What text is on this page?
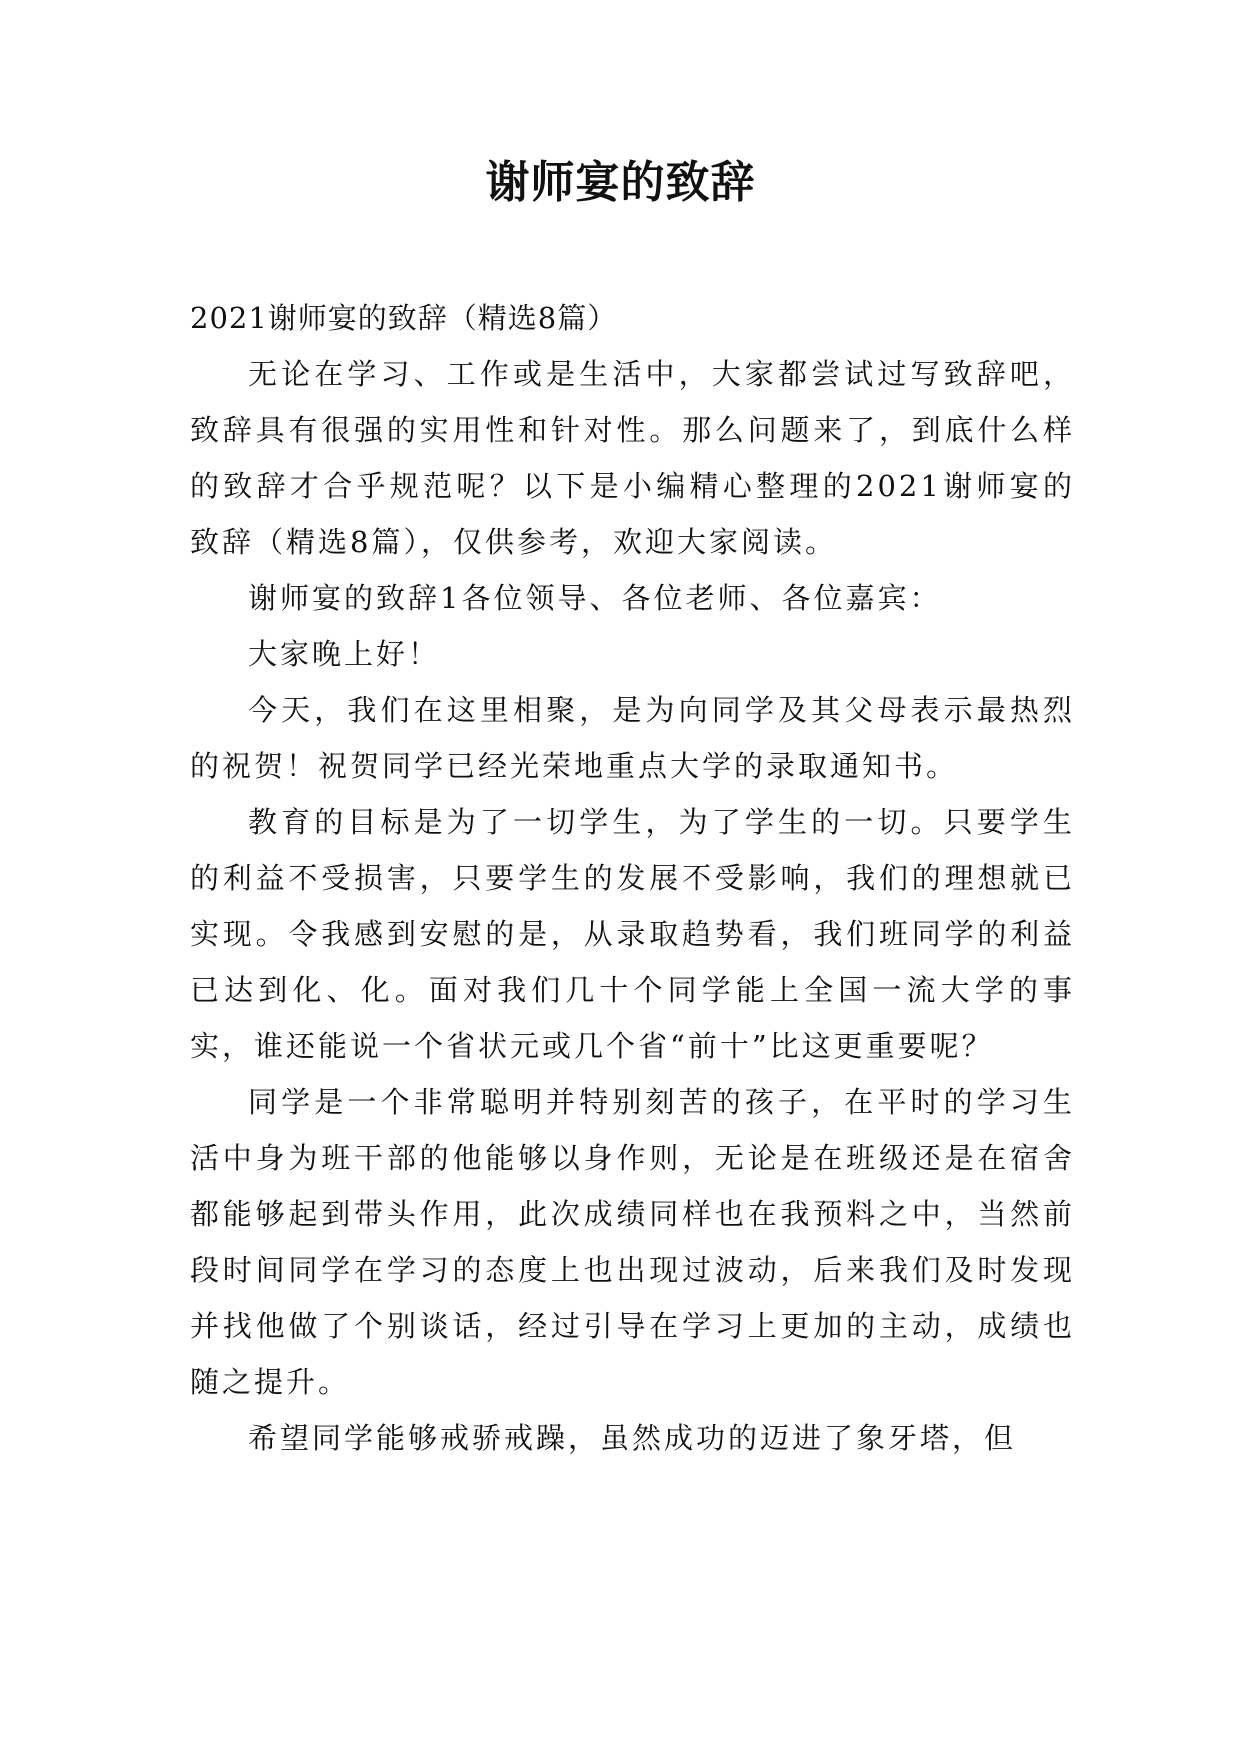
谢师宴的致辞

2021谢师宴的致辞（精选8篇）

无论在学习、工作或是生活中，大家都尝试过写致辞吧，致辞具有很强的实用性和针对性。那么问题来了，到底什么样的致辞才合乎规范呢？以下是小编精心整理的2021谢师宴的致辞（精选8篇），仅供参考，欢迎大家阅读。

谢师宴的致辞1各位领导、各位老师、各位嘉宾：

大家晚上好！

今天，我们在这里相聚，是为向同学及其父母表示最热烈的祝贺！祝贺同学已经光荣地重点大学的录取通知书。

教育的目标是为了一切学生，为了学生的一切。只要学生的利益不受损害，只要学生的发展不受影响，我们的理想就已实现。令我感到安慰的是，从录取趋势看，我们班同学的利益已达到化、化。面对我们几十个同学能上全国一流大学的事实，谁还能说一个省状元或几个省“前十”比这更重要呢？

同学是一个非常聪明并特别刻苦的孩子，在平时的学习生活中身为班干部的他能够以身作则，无论是在班级还是在宿舍都能够起到带头作用，此次成绩同样也在我预料之中，当然前段时间同学在学习的态度上也出现过波动，后来我们及时发现并找他做了个别谈话，经过引导在学习上更加的主动，成绩也随之提升。

希望同学能够戒骄戒躁，虽然成功的迈进了象牙塔，但
